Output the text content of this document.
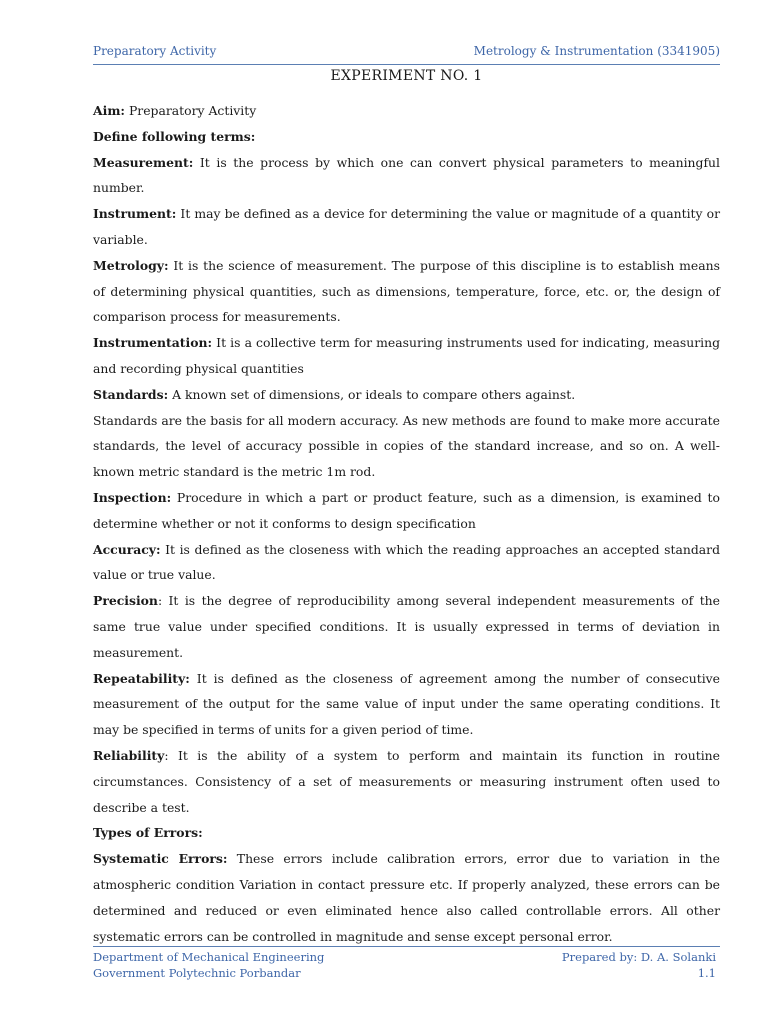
Preparatory Activity	Metrology & Instrumentation (3341905)
EXPERIMENT NO. 1

Aim: Preparatory Activity

Define following terms:

Measurement: It is the process by which one can convert physical parameters to meaningful number.

Instrument: It may be defined as a device for determining the value or magnitude of a quantity or variable.

Metrology: It is the science of measurement. The purpose of this discipline is to establish means of determining physical quantities, such as dimensions, temperature, force, etc. or, the design of comparison process for measurements.

Instrumentation: It is a collective term for measuring instruments used for indicating, measuring and recording physical quantities

Standards: A known set of dimensions, or ideals to compare others against.

Standards are the basis for all modern accuracy. As new methods are found to make more accurate standards, the level of accuracy possible in copies of the standard increase, and so on. A well-known metric standard is the metric 1m rod.

Inspection: Procedure in which a part or product feature, such as a dimension, is examined to determine whether or not it conforms to design specification

Accuracy: It is defined as the closeness with which the reading approaches an accepted standard value or true value.

Precision: It is the degree of reproducibility among several independent measurements of the same true value under specified conditions. It is usually expressed in terms of deviation in measurement.

Repeatability: It is defined as the closeness of agreement among the number of consecutive measurement of the output for the same value of input under the same operating conditions. It may be specified in terms of units for a given period of time.

Reliability: It is the ability of a system to perform and maintain its function in routine circumstances. Consistency of a set of measurements or measuring instrument often used to describe a test.

Types of Errors:

Systematic Errors: These errors include calibration errors, error due to variation in the atmospheric condition Variation in contact pressure etc. If properly analyzed, these errors can be determined and reduced or even eliminated hence also called controllable errors. All other systematic errors can be controlled in magnitude and sense except personal error.

Department of Mechanical Engineering	Prepared by: D. A. Solanki
Government Polytechnic Porbandar	1.1
